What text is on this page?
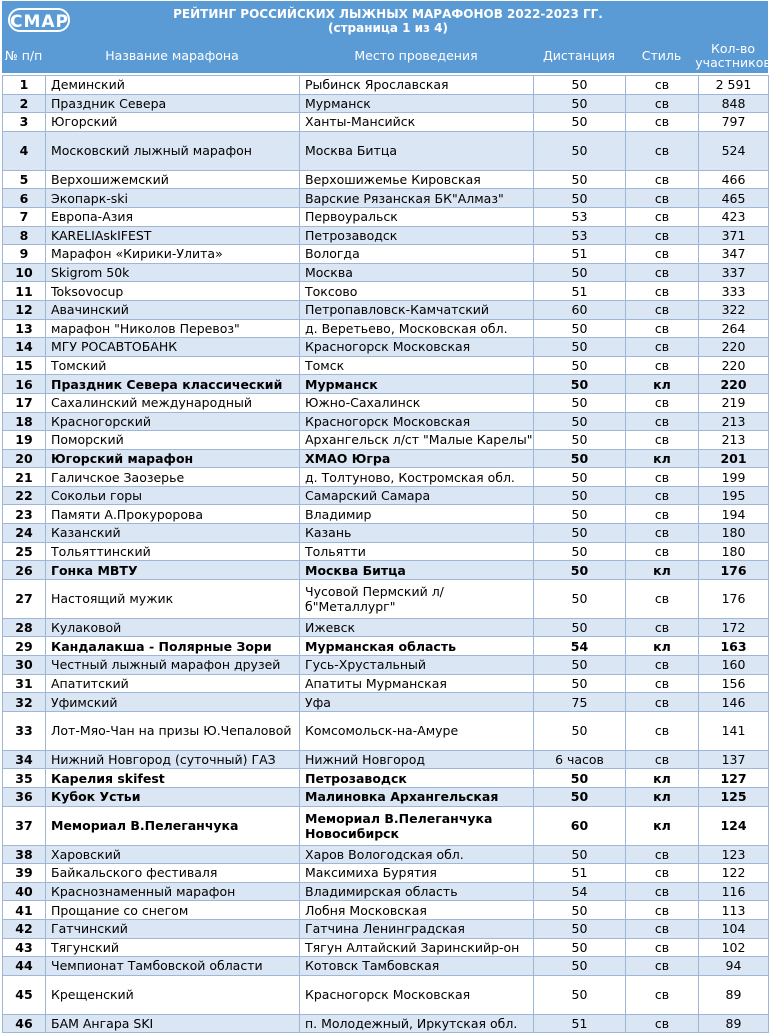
СМАР	РЕЙТИНГ РОССИЙСКИХ ЛЫЖНЫХ МАРАФОНОВ 2022-2023 ГГ.
(страница 1 из 4)
№ п/п	Название марафона	Место проведения	Дистанция	Стиль	Кол-во участников
1	Деминский	Рыбинск Ярославская	50	св	2 591
2	Праздник Севера	Мурманск	50	св	848
3	Югорский	Ханты-Мансийск	50	св	797
4	Московский лыжный марафон	Москва Битца	50	св	524
5	Верхошижемский	Верхошижемье Кировская	50	св	466
6	Экопарк-ski	Варские Рязанская БК"Алмаз"	50	св	465
7	Европа-Азия	Первоуральск	53	св	423
8	KARELIAskIFEST	Петрозаводск	53	св	371
9	Марафон «Кирики-Улита»	Вологда	51	св	347
10	Skigrom 50k	Москва	50	св	337
11	Toksovocup	Токсово	51	св	333
12	Авачинский	Петропавловск-Камчатский	60	св	322
13	марафон "Николов Перевоз"	д. Веретьево, Московская обл.	50	св	264
14	МГУ РОСАВТОБАНК	Красногорск Московская	50	св	220
15	Томский	Томск	50	св	220
16	Праздник Севера классический	Мурманск	50	кл	220
17	Сахалинский международный	Южно-Сахалинск	50	св	219
18	Красногорский	Красногорск Московская	50	св	213
19	Поморский	Архангельск л/ст "Малые Карелы"	50	св	213
20	Югорский марафон	ХМАО Югра	50	кл	201
21	Галичское Заозерье	д. Толтуново, Костромская обл.	50	св	199
22	Сокольи горы	Самарский Самара	50	св	195
23	Памяти А.Прокуророва	Владимир	50	св	194
24	Казанский	Казань	50	св	180
25	Тольяттинский	Тольятти	50	св	180
26	Гонка МВТУ	Москва Битца	50	кл	176
27	Настоящий мужик	Чусовой Пермский л/б"Металлург"	50	св	176
28	Кулаковой	Ижевск	50	св	172
29	Кандалакша - Полярные Зори	Мурманская область	54	кл	163
30	Честный лыжный марафон друзей	Гусь-Хрустальный	50	св	160
31	Апатитский	Апатиты Мурманская	50	св	156
32	Уфимский	Уфа	75	св	146
33	Лот-Мяо-Чан на призы Ю.Чепаловой	Комсомольск-на-Амуре	50	св	141
34	Нижний Новгород (суточный) ГАЗ	Нижний Новгород	6 часов	св	137
35	Карелия skifest	Петрозаводск	50	кл	127
36	Кубок Устьи	Малиновка Архангельская	50	кл	125
37	Мемориал В.Пелеганчука	Мемориал В.Пелеганчука Новосибирск	60	кл	124
38	Харовский	Харов Вологодская обл.	50	св	123
39	Байкальского фестиваля	Максимиха Бурятия	51	св	122
40	Краснознаменный марафон	Владимирская область	54	св	116
41	Прощание со снегом	Лобня Московская	50	св	113
42	Гатчинский	Гатчина Ленинградская	50	св	104
43	Тягунский	Тягун Алтайский Заринскийр-он	50	св	102
44	Чемпионат Тамбовской области	Котовск Тамбовская	50	св	94
45	Крещенский	Красногорск Московская	50	св	89
46	БАМ Ангара SKI	п. Молодежный, Иркутская обл.	51	св	89
